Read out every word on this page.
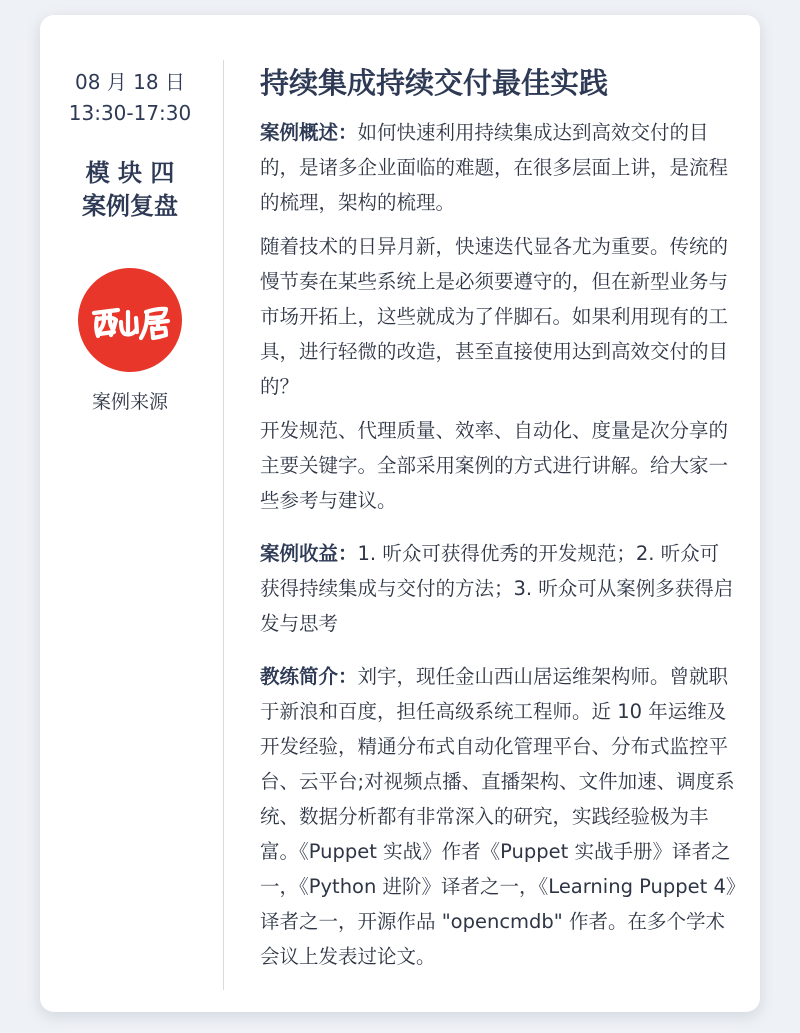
08 月 18 日
13:30-17:30
模 块 四
案例复盘
案例来源
持续集成持续交付最佳实践
案例概述：如何快速利用持续集成达到高效交付的目的，是诸多企业面临的难题，在很多层面上讲，是流程的梳理，架构的梳理。
随着技术的日异月新，快速迭代显各尤为重要。传统的慢节奏在某些系统上是必须要遵守的，但在新型业务与市场开拓上，这些就成为了伴脚石。如果利用现有的工具，进行轻微的改造，甚至直接使用达到高效交付的目的？
开发规范、代理质量、效率、自动化、度量是次分享的主要关键字。全部采用案例的方式进行讲解。给大家一些参考与建议。
案例收益：1. 听众可获得优秀的开发规范；2. 听众可获得持续集成与交付的方法；3. 听众可从案例多获得启发与思考
教练简介：刘宇，现任金山西山居运维架构师。曾就职于新浪和百度，担任高级系统工程师。近 10 年运维及开发经验，精通分布式自动化管理平台、分布式监控平台、云平台;对视频点播、直播架构、文件加速、调度系统、数据分析都有非常深入的研究，实践经验极为丰富。《Puppet 实战》作者《Puppet 实战手册》译者之一，《Python 进阶》译者之一，《Learning Puppet 4》译者之一，开源作品 "opencmdb" 作者。在多个学术会议上发表过论文。
